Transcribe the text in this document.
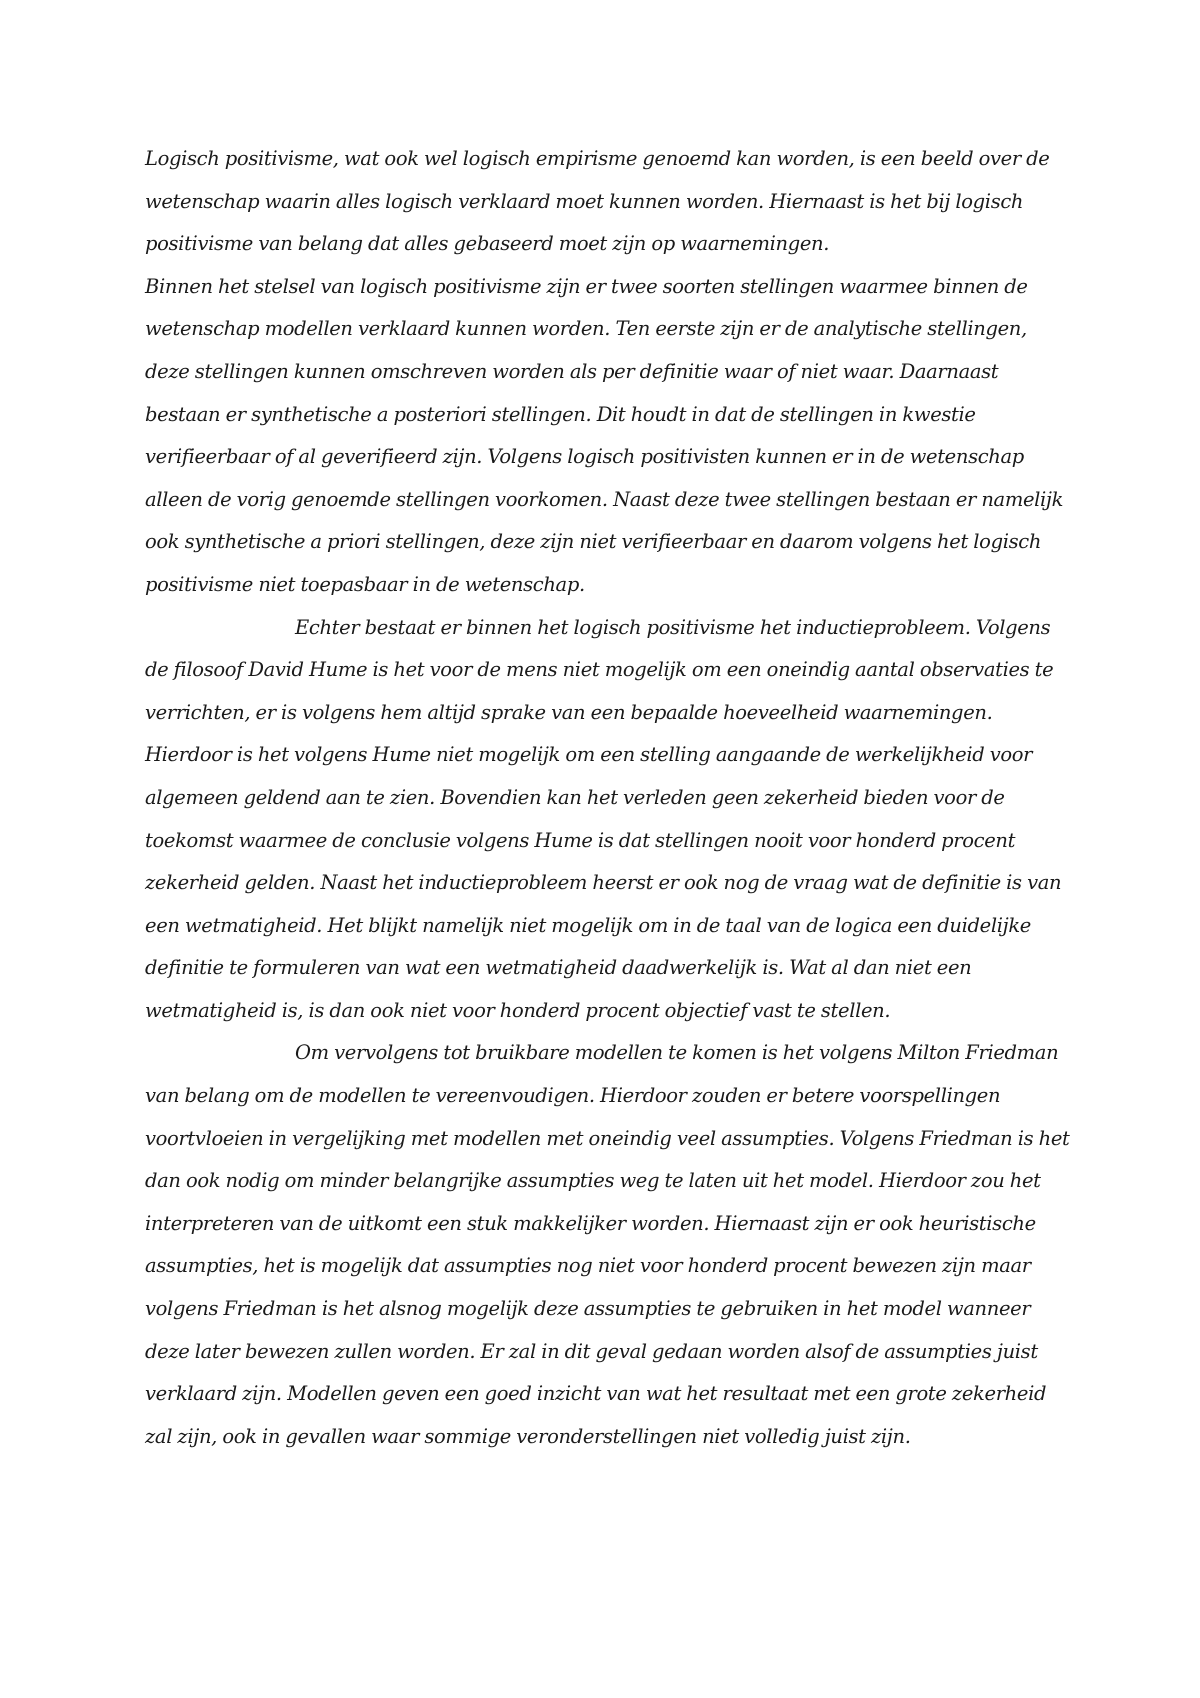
Logisch positivisme, wat ook wel logisch empirisme genoemd kan worden, is een beeld over de wetenschap waarin alles logisch verklaard moet kunnen worden. Hiernaast is het bij logisch positivisme van belang dat alles gebaseerd moet zijn op waarnemingen.

Binnen het stelsel van logisch positivisme zijn er twee soorten stellingen waarmee binnen de wetenschap modellen verklaard kunnen worden. Ten eerste zijn er de analytische stellingen, deze stellingen kunnen omschreven worden als per definitie waar of niet waar. Daarnaast bestaan er synthetische a posteriori stellingen. Dit houdt in dat de stellingen in kwestie verifieerbaar of al geverifieerd zijn. Volgens logisch positivisten kunnen er in de wetenschap alleen de vorig genoemde stellingen voorkomen. Naast deze twee stellingen bestaan er namelijk ook synthetische a priori stellingen, deze zijn niet verifieerbaar en daarom volgens het logisch positivisme niet toepasbaar in de wetenschap.

Echter bestaat er binnen het logisch positivisme het inductieprobleem. Volgens de filosoof David Hume is het voor de mens niet mogelijk om een oneindig aantal observaties te verrichten, er is volgens hem altijd sprake van een bepaalde hoeveelheid waarnemingen. Hierdoor is het volgens Hume niet mogelijk om een stelling aangaande de werkelijkheid voor algemeen geldend aan te zien. Bovendien kan het verleden geen zekerheid bieden voor de toekomst waarmee de conclusie volgens Hume is dat stellingen nooit voor honderd procent zekerheid gelden. Naast het inductieprobleem heerst er ook nog de vraag wat de definitie is van een wetmatigheid. Het blijkt namelijk niet mogelijk om in de taal van de logica een duidelijke definitie te formuleren van wat een wetmatigheid daadwerkelijk is. Wat al dan niet een wetmatigheid is, is dan ook niet voor honderd procent objectief vast te stellen.

Om vervolgens tot bruikbare modellen te komen is het volgens Milton Friedman van belang om de modellen te vereenvoudigen. Hierdoor zouden er betere voorspellingen voortvloeien in vergelijking met modellen met oneindig veel assumpties. Volgens Friedman is het dan ook nodig om minder belangrijke assumpties weg te laten uit het model. Hierdoor zou het interpreteren van de uitkomt een stuk makkelijker worden. Hiernaast zijn er ook heuristische assumpties, het is mogelijk dat assumpties nog niet voor honderd procent bewezen zijn maar volgens Friedman is het alsnog mogelijk deze assumpties te gebruiken in het model wanneer deze later bewezen zullen worden. Er zal in dit geval gedaan worden alsof de assumpties juist verklaard zijn. Modellen geven een goed inzicht van wat het resultaat met een grote zekerheid zal zijn, ook in gevallen waar sommige veronderstellingen niet volledig juist zijn.
